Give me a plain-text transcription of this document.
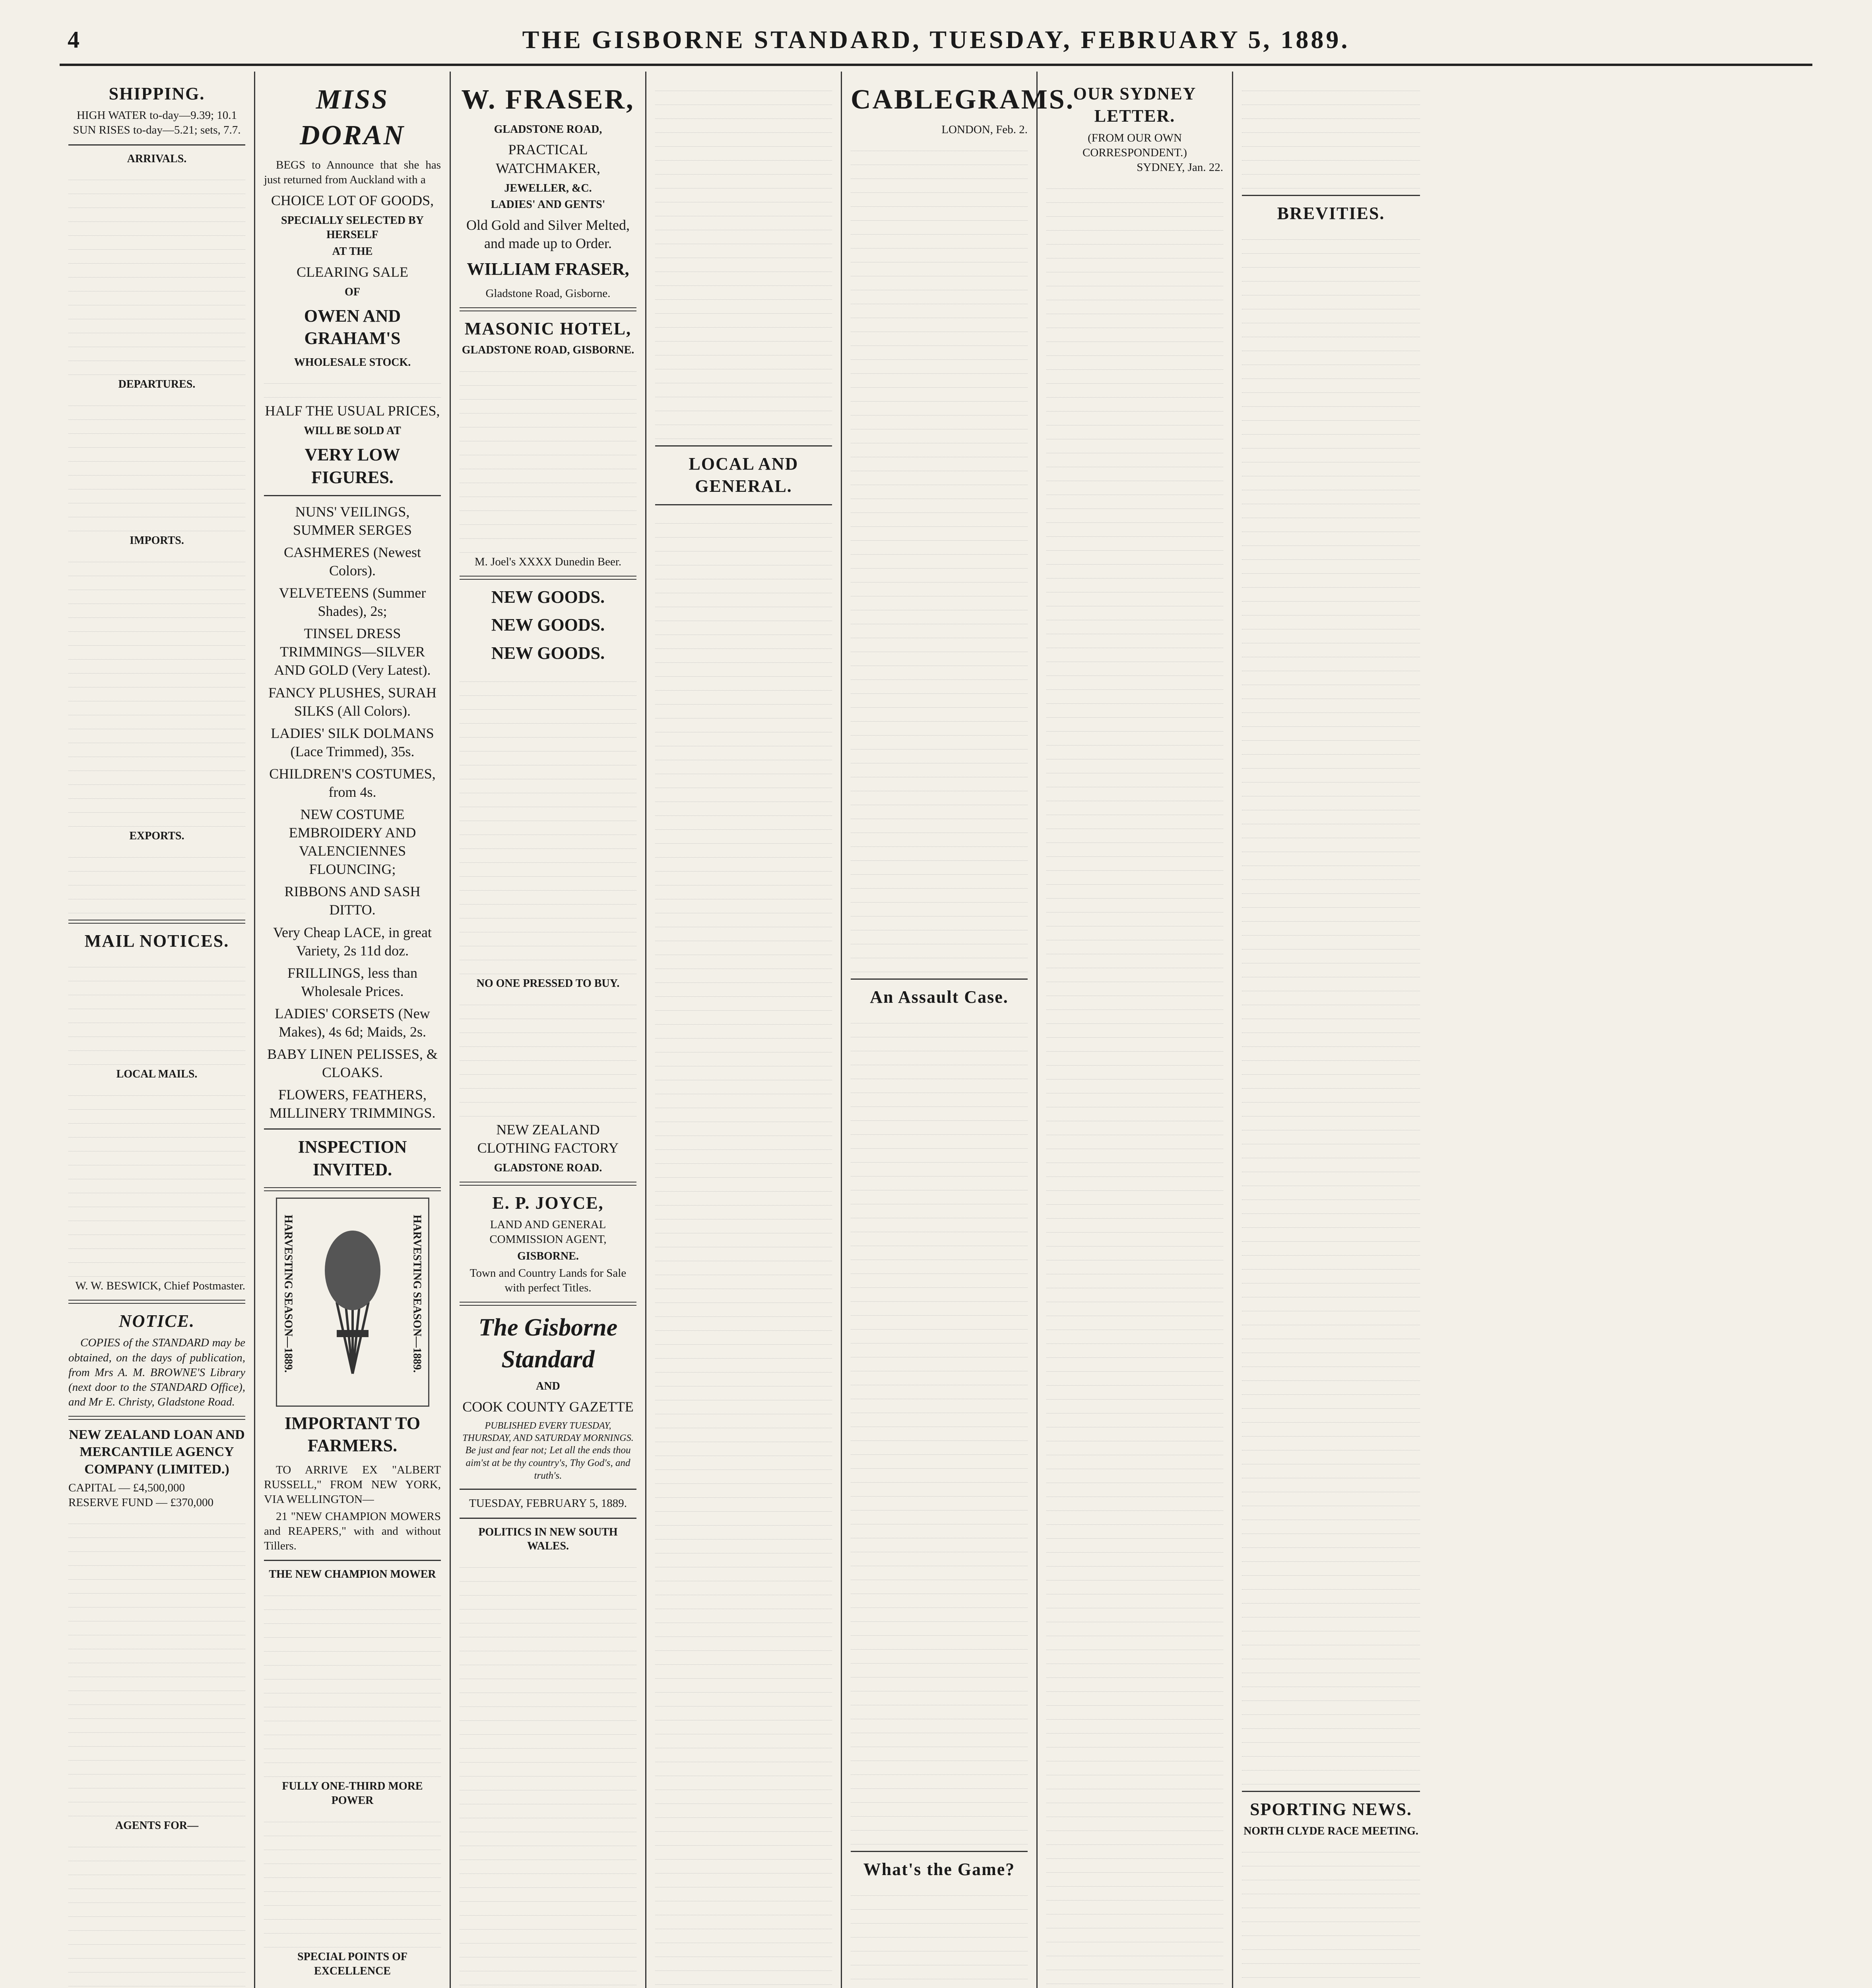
4	THE GISBORNE STANDARD, TUESDAY, FEBRUARY 5, 1889.
SHIPPING.
HIGH WATER to-day—9.39; 10.1
SUN RISES to-day—5.21; sets, 7.7.
ARRIVALS.
DEPARTURES.
IMPORTS.
EXPORTS.
MAIL NOTICES.
LOCAL MAILS.
W. W. BESWICK, Chief Postmaster.
NOTICE.

COPIES of the STANDARD may be obtained, on the days of publication, from Mrs A. M. BROWNE'S Library (next door to the STANDARD Office), and Mr E. Christy, Gladstone Road.

NEW ZEALAND LOAN AND MERCANTILE AGENCY COMPANY (LIMITED.)
CAPITAL — £4,500,000
RESERVE FUND — £370,000
AGENTS FOR—

MISS DORAN

BEGS to Announce that she has just returned from Auckland with a

CHOICE LOT OF GOODS,
SPECIALLY SELECTED BY HERSELF
AT THE
CLEARING SALE
OF
OWEN AND GRAHAM'S
WHOLESALE STOCK.
HALF THE USUAL PRICES,
WILL BE SOLD AT
VERY LOW FIGURES.
NUNS' VEILINGS, SUMMER SERGES
CASHMERES (Newest Colors).
VELVETEENS (Summer Shades), 2s;
TINSEL DRESS TRIMMINGS—SILVER AND GOLD (Very Latest).
FANCY PLUSHES, SURAH SILKS (All Colors).
LADIES' SILK DOLMANS (Lace Trimmed), 35s.
CHILDREN'S COSTUMES, from 4s.
NEW COSTUME EMBROIDERY AND VALENCIENNES FLOUNCING;
RIBBONS AND SASH DITTO.
Very Cheap LACE, in great Variety, 2s 11d doz.
FRILLINGS, less than Wholesale Prices.
LADIES' CORSETS (New Makes), 4s 6d; Maids, 2s.
BABY LINEN PELISSES, & CLOAKS.
FLOWERS, FEATHERS, MILLINERY TRIMMINGS.
INSPECTION INVITED.
HARVESTING SEASON—1889.	HARVESTING SEASON—1889.
IMPORTANT TO FARMERS.

TO ARRIVE EX "ALBERT RUSSELL," FROM NEW YORK, VIA WELLINGTON—

21 "NEW CHAMPION MOWERS and REAPERS," with and without Tillers.

THE NEW CHAMPION MOWER
FULLY ONE-THIRD MORE POWER
SPECIAL POINTS OF EXCELLENCE
W. FRASER,
GLADSTONE ROAD,
PRACTICAL WATCHMAKER,
JEWELLER, &C.
LADIES' AND GENTS'
Old Gold and Silver Melted, and made up to Order.
WILLIAM FRASER,
Gladstone Road, Gisborne.
MASONIC HOTEL,
GLADSTONE ROAD, GISBORNE.
M. Joel's XXXX Dunedin Beer.
NEW GOODS.
NEW GOODS.
NEW GOODS.
NO ONE PRESSED TO BUY.
NEW ZEALAND CLOTHING FACTORY
GLADSTONE ROAD.
E. P. JOYCE,
LAND AND GENERAL COMMISSION AGENT,
GISBORNE.
Town and Country Lands for Sale with perfect Titles.
The Gisborne Standard
AND
COOK COUNTY GAZETTE
PUBLISHED EVERY TUESDAY, THURSDAY, AND SATURDAY MORNINGS.
Be just and fear not; Let all the ends thou aim'st at be thy country's, Thy God's, and truth's.
TUESDAY, FEBRUARY 5, 1889.
POLITICS IN NEW SOUTH WALES.
LOCAL AND GENERAL.
CABLEGRAMS.
LONDON, Feb. 2.
An Assault Case.
What's the Game?
OUR SYDNEY LETTER.
(FROM OUR OWN CORRESPONDENT.)
SYDNEY, Jan. 22.
BREVITIES.
SPORTING NEWS.
NORTH CLYDE RACE MEETING.
